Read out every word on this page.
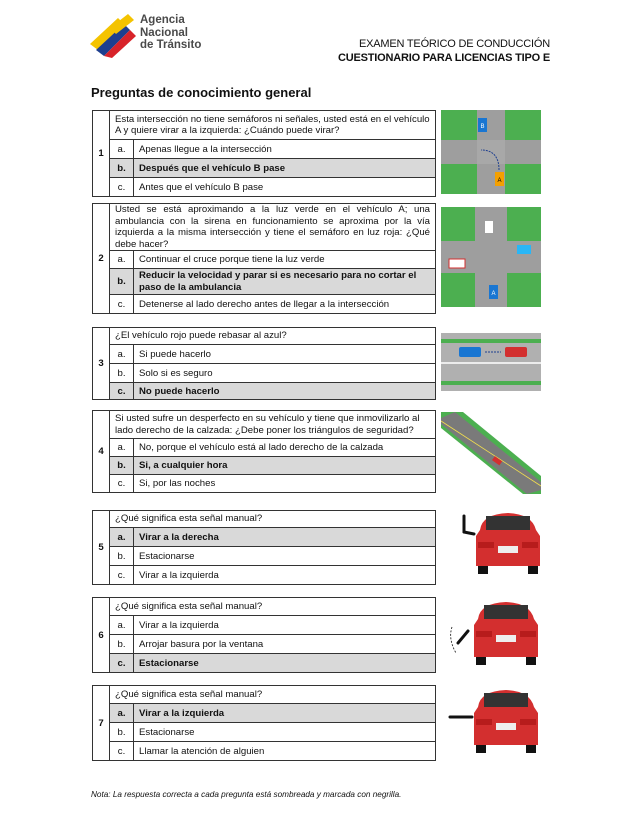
Agencia
Nacional
de Tránsito	EXAMEN TEÓRICO DE CONDUCCIÓN
CUESTIONARIO PARA LICENCIAS TIPO E
Preguntas de conocimiento general
1	Esta intersección no tiene semáforos ni señales, usted está en el vehículo A y quiere virar a la izquierda: ¿Cuándo puede virar?	
	a.	Apenas llegue a la intersección
	b.	Después que el vehículo B pase
	c.	Antes que el vehículo B pase
B
A
2	Usted se está aproximando a la luz verde en el vehículo A; una ambulancia con la sirena en funcionamiento se aproxima por la vía izquierda a la misma intersección y tiene el semáforo en luz roja: ¿Qué debe hacer?	
	a.	Continuar el cruce porque tiene la luz verde
	b.	Reducir la velocidad y parar si es necesario para no cortar el paso de la ambulancia
	c.	Detenerse al lado derecho antes de llegar a la intersección
A
3	¿El vehículo rojo puede rebasar al azul?	
	a.	Si puede hacerlo
	b.	Solo si es seguro
	c.	No puede hacerlo
4	Si usted sufre un desperfecto en su vehículo y tiene que inmovilizarlo al lado derecho de la calzada: ¿Debe poner los triángulos de seguridad?	
	a.	No, porque el vehículo está al lado derecho de la calzada
	b.	Si, a cualquier hora
	c.	Si, por las noches
5	¿Qué significa esta señal manual?	
	a.	Virar a la derecha
	b.	Estacionarse
	c.	Virar a la izquierda
6	¿Qué significa esta señal manual?	
	a.	Virar a la izquierda
	b.	Arrojar basura por la ventana
	c.	Estacionarse
7	¿Qué significa esta señal manual?	
	a.	Virar a la izquierda
	b.	Estacionarse
	c.	Llamar la atención de alguien
Nota: La respuesta correcta a cada pregunta está sombreada y marcada con negrilla.
